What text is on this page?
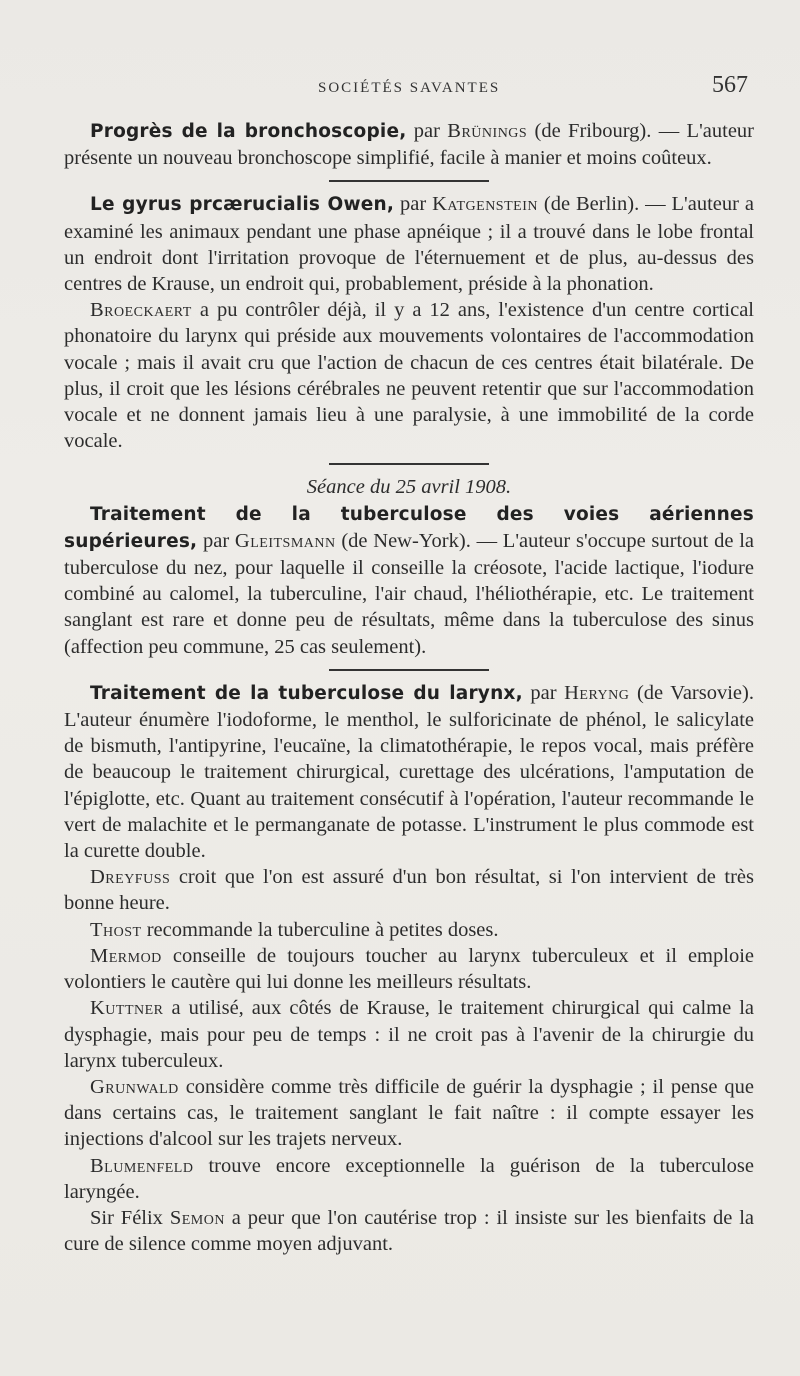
SOCIÉTÉS SAVANTES	567

Progrès de la bronchoscopie, par Brünings (de Fribourg). — L'auteur présente un nouveau bronchoscope simplifié, facile à manier et moins coûteux.

Le gyrus prcærucialis Owen, par Katgenstein (de Berlin). — L'auteur a examiné les animaux pendant une phase apnéique ; il a trouvé dans le lobe frontal un endroit dont l'irritation provoque de l'éternuement et de plus, au-dessus des centres de Krause, un endroit qui, probablement, préside à la phonation.

Broeckaert a pu contrôler déjà, il y a 12 ans, l'existence d'un centre cortical phonatoire du larynx qui préside aux mouvements volontaires de l'accommodation vocale ; mais il avait cru que l'action de chacun de ces centres était bilatérale. De plus, il croit que les lésions cérébrales ne peuvent retentir que sur l'accommodation vocale et ne donnent jamais lieu à une paralysie, à une immobilité de la corde vocale.

Séance du 25 avril 1908.

Traitement de la tuberculose des voies aériennes supérieures, par Gleitsmann (de New-York). — L'auteur s'occupe surtout de la tuberculose du nez, pour laquelle il conseille la créosote, l'acide lactique, l'iodure combiné au calomel, la tuberculine, l'air chaud, l'héliothérapie, etc. Le traitement sanglant est rare et donne peu de résultats, même dans la tuberculose des sinus (affection peu commune, 25 cas seulement).

Traitement de la tuberculose du larynx, par Heryng (de Varsovie). L'auteur énumère l'iodoforme, le menthol, le sulforicinate de phénol, le salicylate de bismuth, l'antipyrine, l'eucaïne, la climatothérapie, le repos vocal, mais préfère de beaucoup le traitement chirurgical, curettage des ulcérations, l'amputation de l'épiglotte, etc. Quant au traitement consécutif à l'opération, l'auteur recommande le vert de malachite et le permanganate de potasse. L'instrument le plus commode est la curette double.

Dreyfuss croit que l'on est assuré d'un bon résultat, si l'on intervient de très bonne heure.

Thost recommande la tuberculine à petites doses.

Mermod conseille de toujours toucher au larynx tuberculeux et il emploie volontiers le cautère qui lui donne les meilleurs résultats.

Kuttner a utilisé, aux côtés de Krause, le traitement chirurgical qui calme la dysphagie, mais pour peu de temps : il ne croit pas à l'avenir de la chirurgie du larynx tuberculeux.

Grunwald considère comme très difficile de guérir la dysphagie ; il pense que dans certains cas, le traitement sanglant le fait naître : il compte essayer les injections d'alcool sur les trajets nerveux.

Blumenfeld trouve encore exceptionnelle la guérison de la tuberculose laryngée.

Sir Félix Semon a peur que l'on cautérise trop : il insiste sur les bienfaits de la cure de silence comme moyen adjuvant.
